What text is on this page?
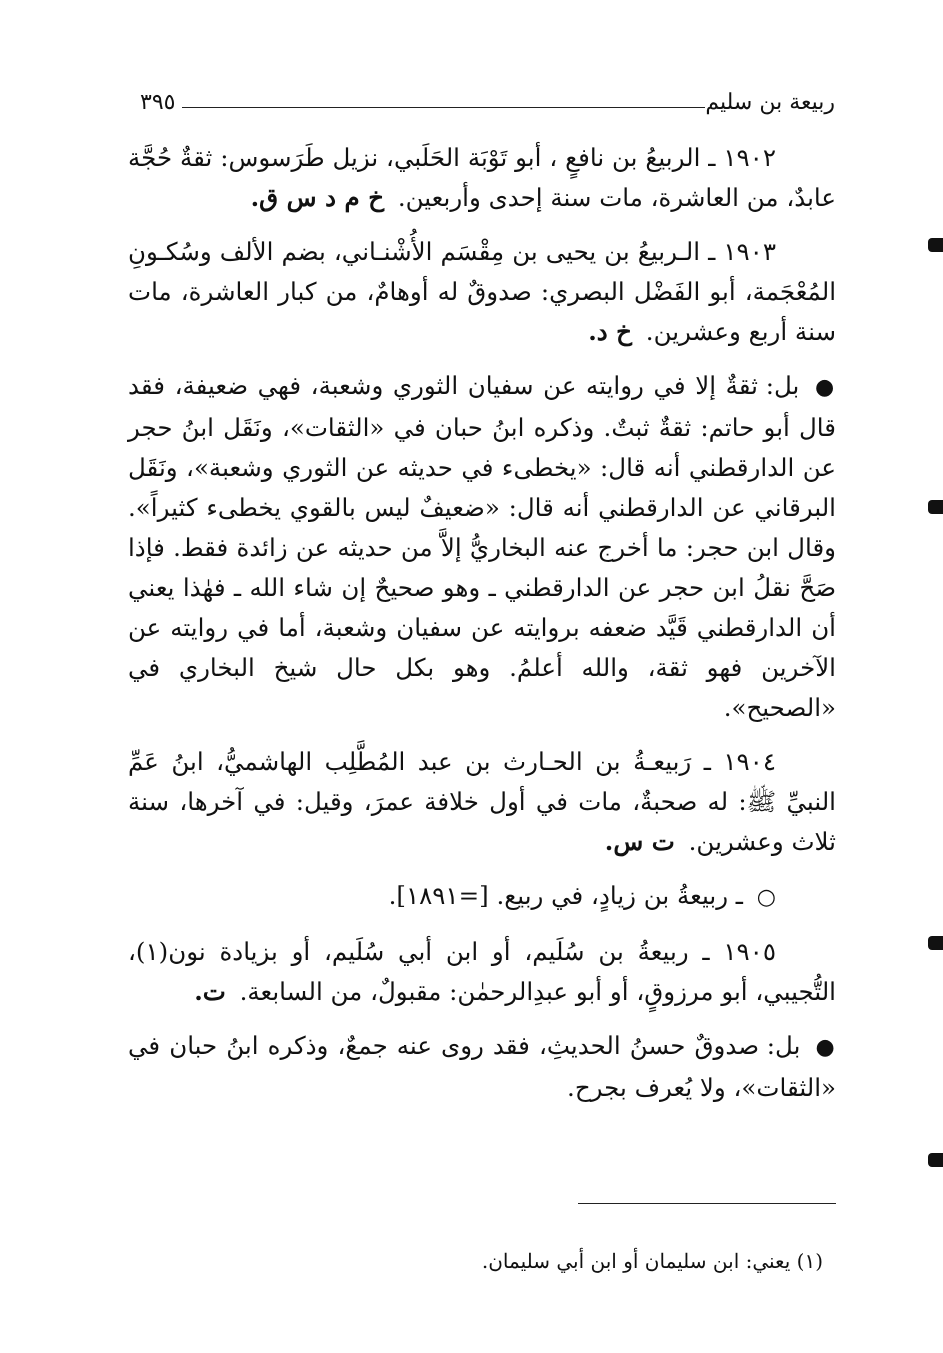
ربيعة بن سليم
٣٩٥

١٩٠٢ ـ الربيعُ بن نافعٍ ، أبو تَوْبَة الحَلَبي، نزيل طَرَسوس: ثقةٌ حُجَّة عابدٌ، من العاشرة، مات سنة إحدى وأربعين. خ م د س ق.

١٩٠٣ ـ الـربيعُ بن يحيى بن مِقْسَم الأُشْنـاني، بضم الألف وسُكـونِ المُعْجَمة، أبو الفَضْل البصري: صدوقٌ له أوهامٌ، من كبار العاشرة، مات سنة أربع وعشرين. خ د.

● بل: ثقةٌ إلا في روايته عن سفيان الثوري وشعبة، فهي ضعيفة، فقد قال أبو حاتم: ثقةٌ ثبتٌ. وذكره ابنُ حبان في «الثقات»، ونَقَل ابنُ حجر عن الدارقطني أنه قال: «يخطىء في حديثه عن الثوري وشعبة»، ونَقَل البرقاني عن الدارقطني أنه قال: «ضعيفٌ ليس بالقوي يخطىء كثيراً». وقال ابن حجر: ما أخرج عنه البخاريُّ إلاَّ من حديثه عن زائدة فقط. فإذا صَحَّ نقلُ ابن حجر عن الدارقطني ـ وهو صحيحٌ إن شاء الله ـ فهٰذا يعني أن الدارقطني قَيَّد ضعفه بروايته عن سفيان وشعبة، أما في روايته عن الآخرين فهو ثقة، والله أعلمُ. وهو بكل حال شيخ البخاري في «الصحيح».

١٩٠٤ ـ رَبيعـةُ بن الحـارث بن عبد المُطَّلِب الهاشميُّ، ابنُ عَمِّ النبيِّ ﷺ: له صحبةٌ، مات في أول خلافة عمرَ، وقيل: في آخرها، سنة ثلاث وعشرين. ت س.

○ ـ ربيعةُ بن زيادٍ، في ربيع. [=١٨٩١].

١٩٠٥ ـ ربيعةُ بن سُلَيم، أو ابن أبي سُلَيم، أو بزيادة نون(١)، التُّجيبي، أبو مرزوقٍ، أو أبو عبدِالرحمٰن: مقبولٌ، من السابعة. ت.

● بل: صدوقٌ حسنُ الحديثِ، فقد روى عنه جمعٌ، وذكره ابنُ حبان في «الثقات»، ولا يُعرف بجرح.

(١) يعني: ابن سليمان أو ابن أبي سليمان.
